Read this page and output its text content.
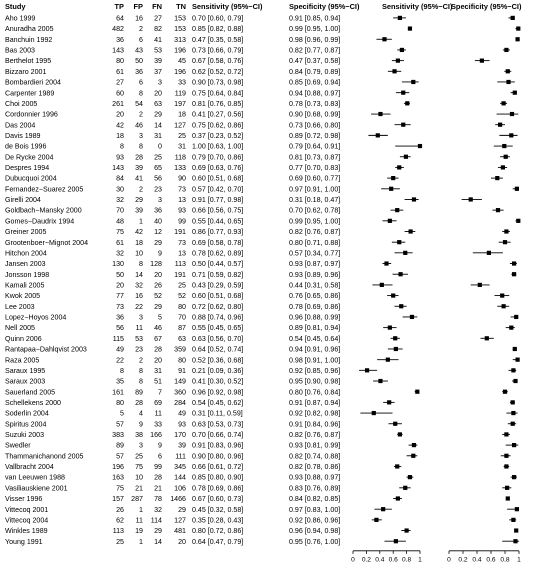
Study	TP FP FN TN Sensitivity (95%−CI)	Specificity (95%−CI)	Sensitivity (95%−CI)
Specificity (95%−CI)
Aho 1999	64 16 27 153 0.70 [0.60, 0.79]	0.91 [0.85, 0.94]
Anuradha 2005	482 2 82 153 0.85 [0.82, 0.88]	0.99 [0.95, 1.00]
Banchuin 1992	36 6 41 313 0.47 [0.35, 0.58]	0.98 [0.96, 0.99]
Bas 2003	143 43 53 196 0.73 [0.66, 0.79]	0.82 [0.77, 0.87]
Berthelot 1995	80 50 39 45 0.67 [0.58, 0.76]	0.47 [0.37, 0.58]
Bizzaro 2001	61 36 37 196 0.62 [0.52, 0.72]	0.84 [0.79, 0.89]
Bombardieri 2004	27 6 3 33 0.90 [0.73, 0.98]	0.85 [0.69, 0.94]
Carpenter 1989	60 8 20 119 0.75 [0.64, 0.84]	0.94 [0.88, 0.97]
Choi 2005	261 54 63 197 0.81 [0.76, 0.85]	0.78 [0.73, 0.83]
Cordonnier 1996	20 2 29 18 0.41 [0.27, 0.56]	0.90 [0.68, 0.99]
Das 2004	42 46 14 127 0.75 [0.62, 0.86]	0.73 [0.66, 0.80]
Davis 1989	18 3 31 25 0.37 [0.23, 0.52]	0.89 [0.72, 0.98]
de Bois 1996	8 8 0 31 1.00 [0.63, 1.00]	0.79 [0.64, 0.91]
De Rycke 2004	93 28 25 118 0.79 [0.70, 0.86]	0.81 [0.73, 0.87]
Despres 1994	143 39 65 133 0.69 [0.63, 0.76]	0.77 [0.70, 0.83]
Dubucquoi 2004	84 41 56 90 0.60 [0.51, 0.68]	0.69 [0.60, 0.77]
Fernandez−Suarez 2005	30 2 23 73 0.57 [0.42, 0.70]	0.97 [0.91, 1.00]
Girelli 2004	32 29 3 13 0.91 [0.77, 0.98]	0.31 [0.18, 0.47]
Goldbach−Mansky 2000	70 39 36 93 0.66 [0.56, 0.75]	0.70 [0.62, 0.78]
Gomes−Daudrix 1994	48 1 40 99 0.55 [0.44, 0.65]	0.99 [0.95, 1.00]
Greiner 2005	75 42 12 191 0.86 [0.77, 0.93]	0.82 [0.76, 0.87]
Grootenboer−Mignot 2004	61 18 29 73 0.69 [0.58, 0.78]	0.80 [0.71, 0.88]
Hitchon 2004	32 10 9 13 0.78 [0.62, 0.89]	0.57 [0.34, 0.77]
Jansen 2003	130 8 128 113 0.50 [0.44, 0.57]	0.93 [0.87, 0.97]
Jonsson 1998	50 14 20 191 0.71 [0.59, 0.82]	0.93 [0.89, 0.96]
Kamali 2005	20 32 26 25 0.43 [0.29, 0.59]	0.44 [0.31, 0.58]
Kwok 2005	77 16 52 52 0.60 [0.51, 0.68]	0.76 [0.65, 0.86]
Lee 2003	73 22 29 80 0.72 [0.62, 0.80]	0.78 [0.69, 0.86]
Lopez−Hoyos 2004	36 3 5 70 0.88 [0.74, 0.96]	0.96 [0.88, 0.99]
Nell 2005	56 11 46 87 0.55 [0.45, 0.65]	0.89 [0.81, 0.94]
Quinn 2006	115 53 67 63 0.63 [0.56, 0.70]	0.54 [0.45, 0.64]
Rantapaa−Dahlqvist 2003	49 23 28 359 0.64 [0.52, 0.74]	0.94 [0.91, 0.96]
Raza 2005	22 2 20 80 0.52 [0.36, 0.68]	0.98 [0.91, 1.00]
Saraux 1995	8 8 31 91 0.21 [0.09, 0.36]	0.92 [0.85, 0.96]
Saraux 2003	35 8 51 149 0.41 [0.30, 0.52]	0.95 [0.90, 0.98]
Sauerland 2005	161 89 7 360 0.96 [0.92, 0.98]	0.80 [0.76, 0.84]
Schellekens 2000	80 28 69 284 0.54 [0.45, 0.62]	0.91 [0.87, 0.94]
Soderlin 2004	5 4 11 49 0.31 [0.11, 0.59]	0.92 [0.82, 0.98]
Spiritus 2004	57 9 33 93 0.63 [0.53, 0.73]	0.91 [0.84, 0.96]
Suzuki 2003	383 38 166 170 0.70 [0.66, 0.74]	0.82 [0.76, 0.87]
Swedler	89 3 9 39 0.91 [0.83, 0.96]	0.93 [0.81, 0.99]
Thammanichanond 2005	57 25 6 111 0.90 [0.80, 0.96]	0.82 [0.74, 0.88]
Vallbracht 2004	196 75 99 345 0.66 [0.61, 0.72]	0.82 [0.78, 0.86]
van Leeuwen 1988	163 10 28 144 0.85 [0.80, 0.90]	0.93 [0.88, 0.97]
Vasiliauskiene 2001	75 21 21 106 0.78 [0.69, 0.86]	0.83 [0.76, 0.89]
Visser 1996	157 287 78 1466 0.67 [0.60, 0.73]	0.84 [0.82, 0.85]
Vittecoq 2001	26 1 32 29 0.45 [0.32, 0.58]	0.97 [0.83, 1.00]
Vittecoq 2004	62 11 114 127 0.35 [0.28, 0.43]	0.92 [0.86, 0.96]
Winkles 1989	113 19 29 481 0.80 [0.72, 0.86]	0.96 [0.94, 0.98]
Young 1991	25 1 14 20 0.64 [0.47, 0.79]	0.95 [0.76, 1.00]
0 0.2 0.4 0.6 0.8 1	0 0.2 0.4 0.6 0.8 1
